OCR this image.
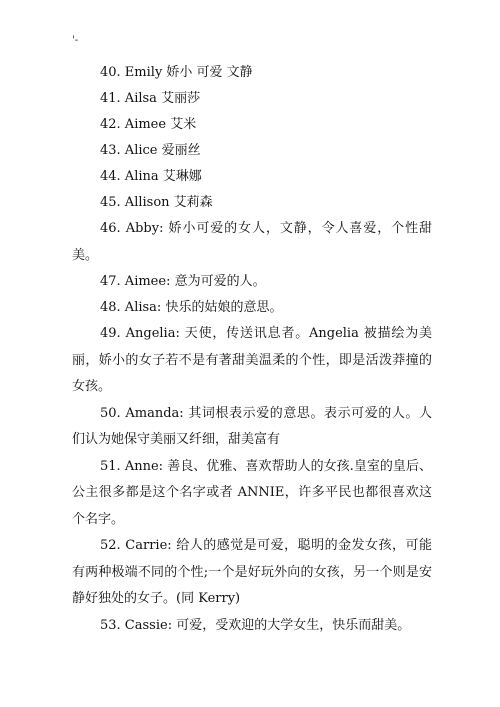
'-

40. Emily 娇小 可爱 文静

41. Ailsa 艾丽莎

42. Aimee 艾米

43. Alice 爱丽丝

44. Alina 艾琳娜

45. Allison 艾莉森

46. Abby: 娇小可爱的女人，文静，令人喜爱，个性甜美。

47. Aimee: 意为可爱的人。

48. Alisa: 快乐的姑娘的意思。

49. Angelia: 天使，传送讯息者。Angelia 被描绘为美丽，娇小的女子若不是有著甜美温柔的个性，即是活泼莽撞的女孩。

50. Amanda: 其词根表示爱的意思。表示可爱的人。人们认为她保守美丽又纤细，甜美富有

51. Anne: 善良、优雅、喜欢帮助人的女孩.皇室的皇后、公主很多都是这个名字或者 ANNIE，许多平民也都很喜欢这个名字。

52. Carrie: 给人的感觉是可爱，聪明的金发女孩，可能有两种极端不同的个性;一个是好玩外向的女孩，另一个则是安静好独处的女子。(同 Kerry)

53. Cassie: 可爱，受欢迎的大学女生，快乐而甜美。
